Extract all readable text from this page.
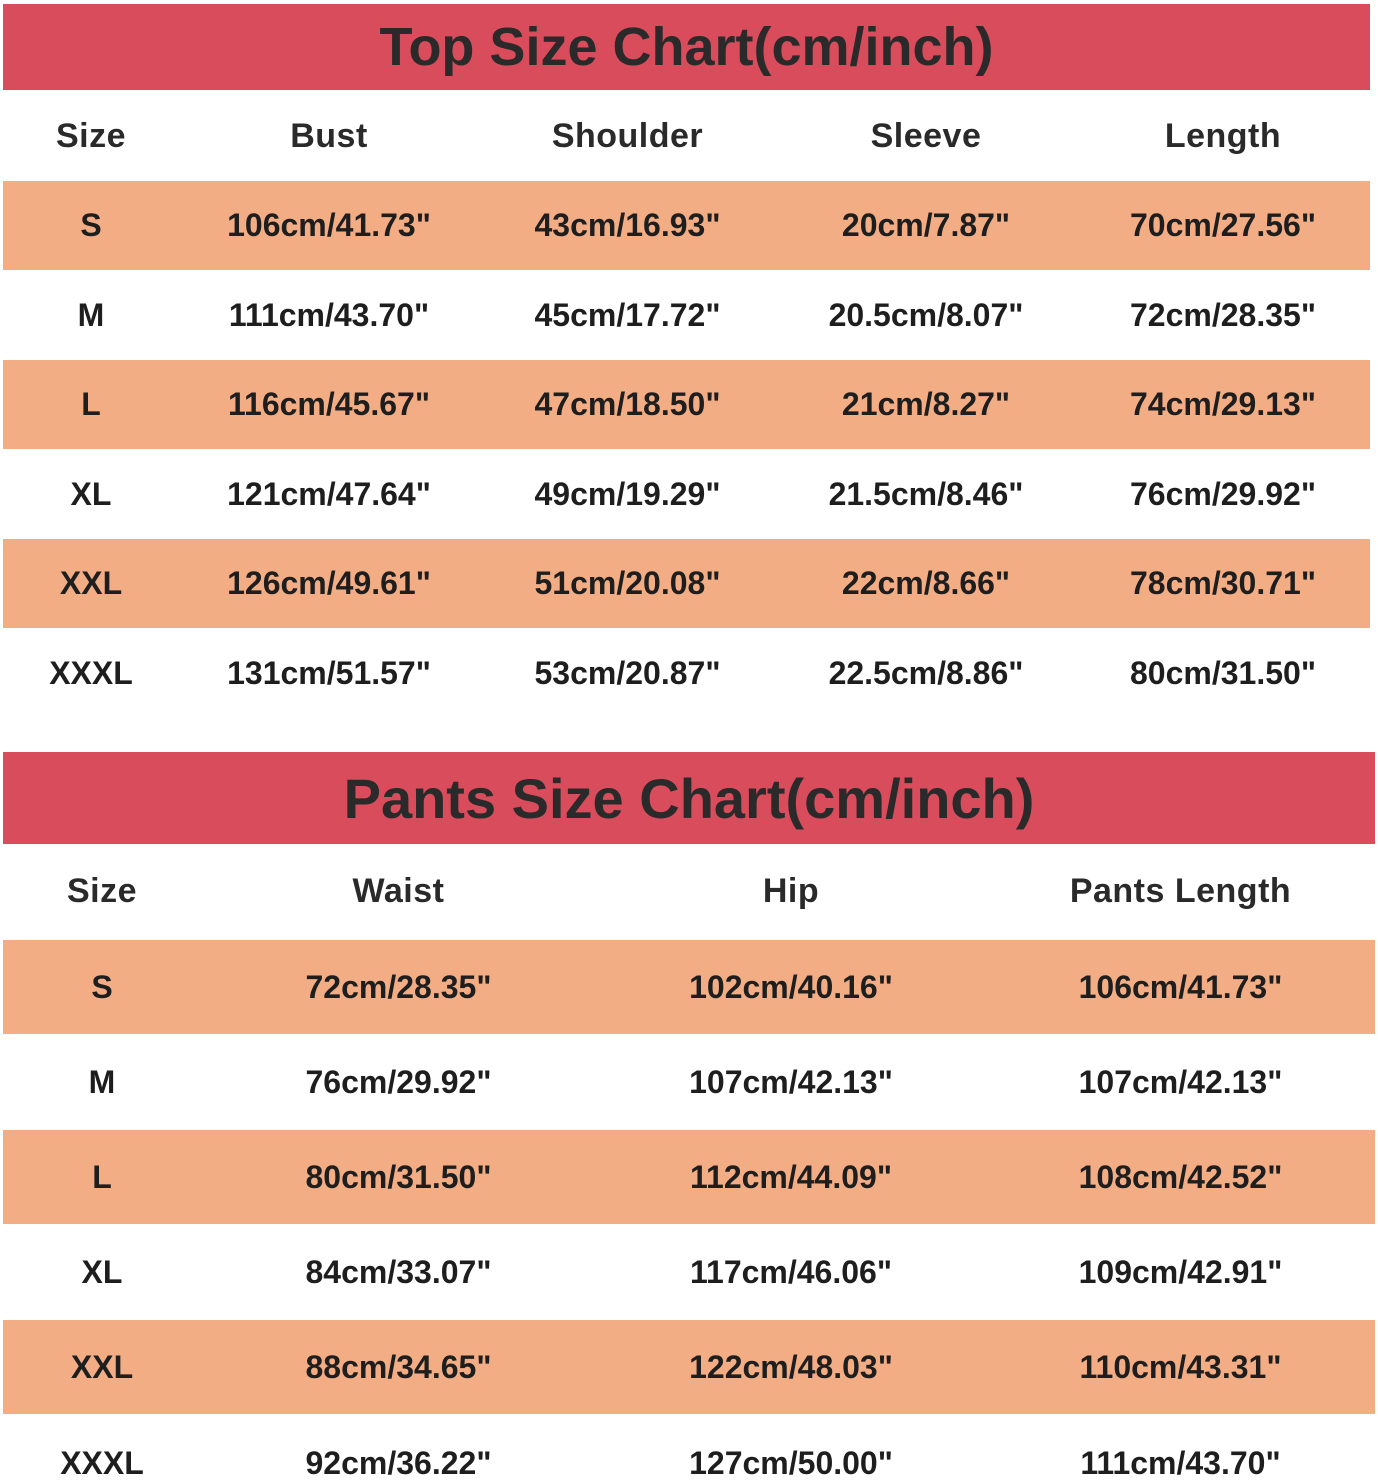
Top Size Chart(cm/inch)
Size	Bust	Shoulder	Sleeve	Length
S	106cm/41.73"	43cm/16.93"	20cm/7.87"	70cm/27.56"
M	111cm/43.70"	45cm/17.72"	20.5cm/8.07"	72cm/28.35"
L	116cm/45.67"	47cm/18.50"	21cm/8.27"	74cm/29.13"
XL	121cm/47.64"	49cm/19.29"	21.5cm/8.46"	76cm/29.92"
XXL	126cm/49.61"	51cm/20.08"	22cm/8.66"	78cm/30.71"
XXXL	131cm/51.57"	53cm/20.87"	22.5cm/8.86"	80cm/31.50"
Pants Size Chart(cm/inch)
Size	Waist	Hip	Pants Length
S	72cm/28.35"	102cm/40.16"	106cm/41.73"
M	76cm/29.92"	107cm/42.13"	107cm/42.13"
L	80cm/31.50"	112cm/44.09"	108cm/42.52"
XL	84cm/33.07"	117cm/46.06"	109cm/42.91"
XXL	88cm/34.65"	122cm/48.03"	110cm/43.31"
XXXL	92cm/36.22"	127cm/50.00"	111cm/43.70"
